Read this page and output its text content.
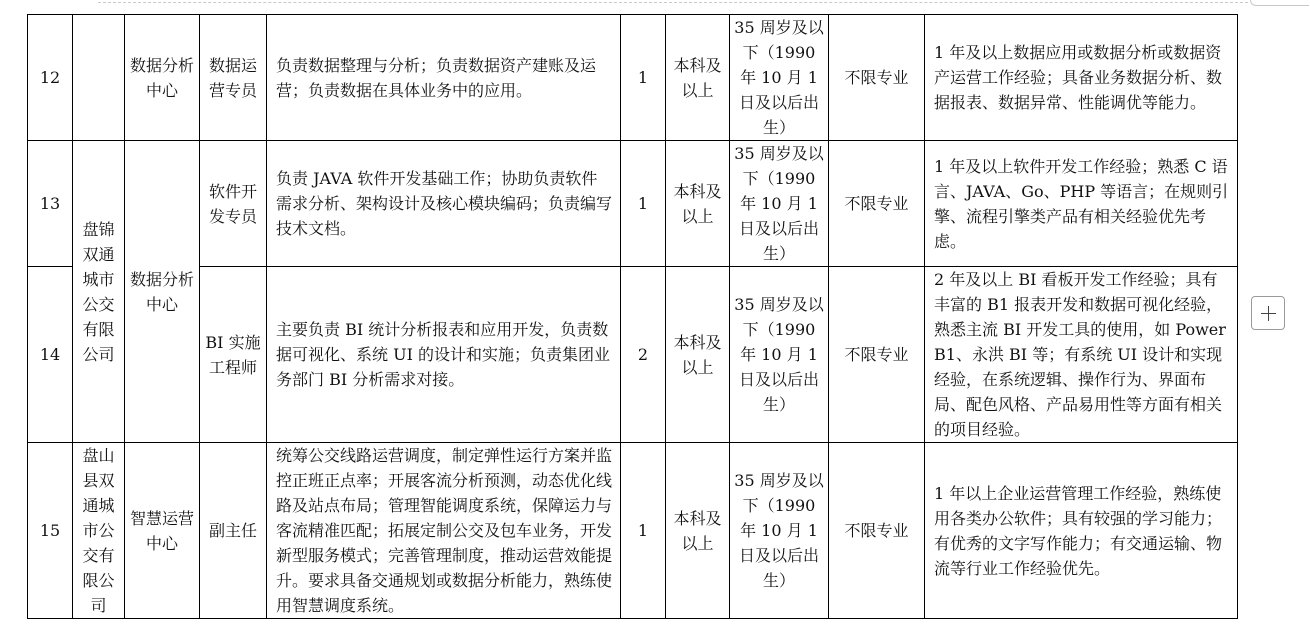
12		数据分析中心	数据运营专员	负责数据整理与分析；负责数据资产建账及运营；负责数据在具体业务中的应用。	1	本科及以上	35 周岁及以下（1990 年 10 月 1 日及以后出生）	不限专业	1 年及以上数据应用或数据分析或数据资产运营工作经验；具备业务数据分析、数据报表、数据异常、性能调优等能力。
13	盘锦双通城市公交有限公司	数据分析中心	软件开发专员	负责 JAVA 软件开发基础工作；协助负责软件需求分析、架构设计及核心模块编码；负责编写技术文档。	1	本科及以上	35 周岁及以下（1990 年 10 月 1 日及以后出生）	不限专业	1 年及以上软件开发工作经验；熟悉 C 语言、JAVA、Go、PHP 等语言；在规则引擎、流程引擎类产品有相关经验优先考虑。
14			BI 实施工程师	主要负责 BI 统计分析报表和应用开发，负责数据可视化、系统 UI 的设计和实施；负责集团业务部门 BI 分析需求对接。	2	本科及以上	35 周岁及以下（1990 年 10 月 1 日及以后出生）	不限专业	2 年及以上 BI 看板开发工作经验；具有丰富的 B1 报表开发和数据可视化经验，熟悉主流 BI 开发工具的使用，如 PowerB1、永洪 BI 等；有系统 UI 设计和实现经验，在系统逻辑、操作行为、界面布局、配色风格、产品易用性等方面有相关的项目经验。
15	盘山县双通城市公交有限公司	智慧运营中心	副主任	统筹公交线路运营调度，制定弹性运行方案并监控正班正点率；开展客流分析预测，动态优化线路及站点布局；管理智能调度系统，保障运力与客流精准匹配；拓展定制公交及包车业务，开发新型服务模式；完善管理制度，推动运营效能提升。要求具备交通规划或数据分析能力，熟练使用智慧调度系统。	1	本科及以上	35 周岁及以下（1990 年 10 月 1 日及以后出生）	不限专业	1 年以上企业运营管理工作经验，熟练使用各类办公软件；具有较强的学习能力；有优秀的文字写作能力；有交通运输、物流等行业工作经验优先。
